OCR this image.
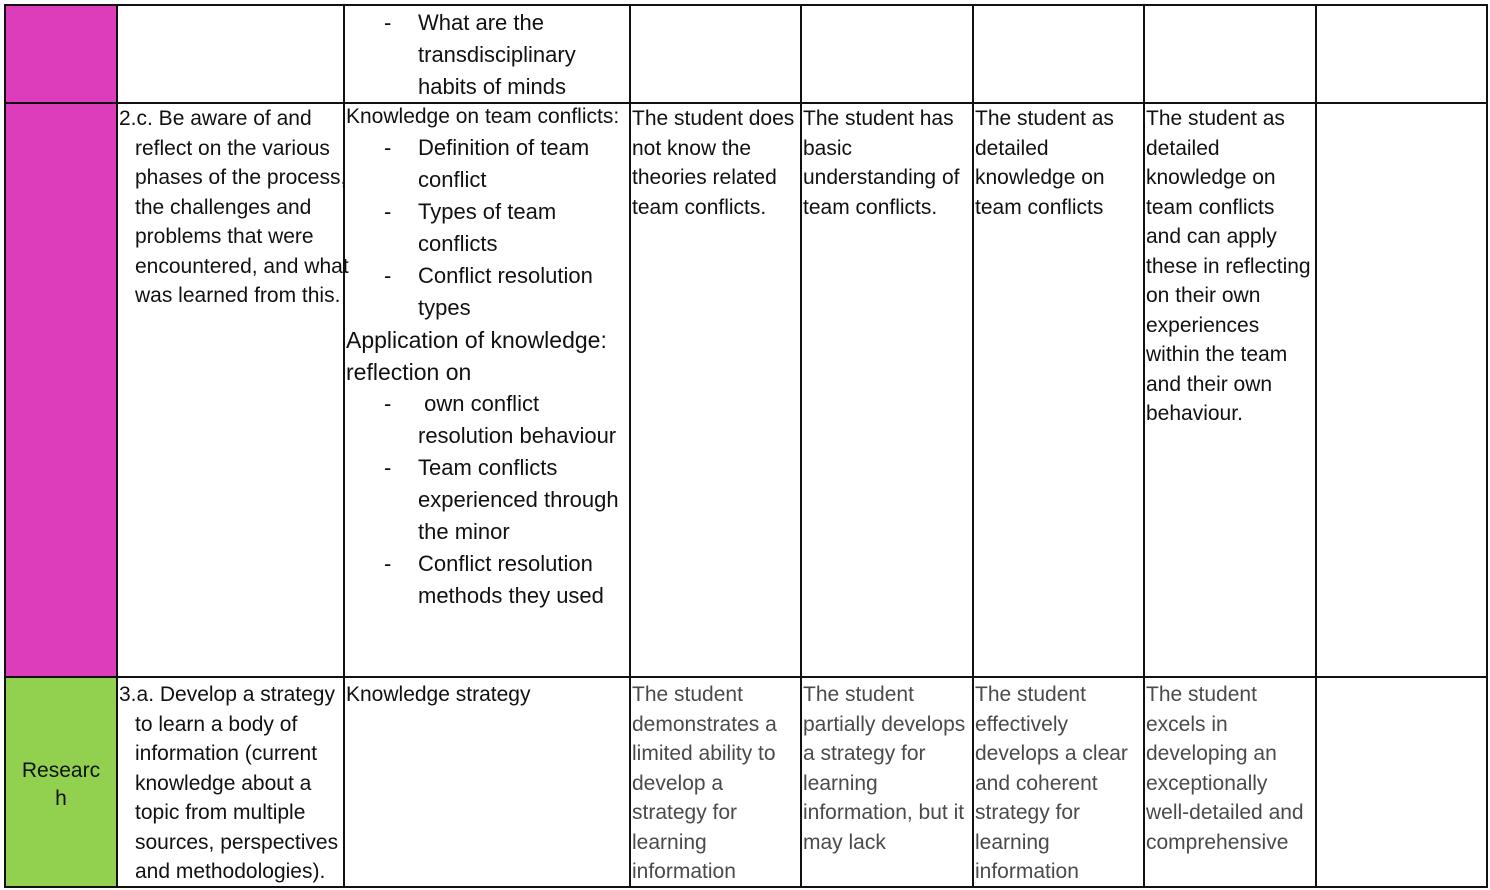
- What are the transdisciplinary habits of minds
2.c. Be aware of and reflect on the various phases of the process, the challenges and problems that were encountered, and what was learned from this.
Knowledge on team conflicts:
- Definition of team conflict
- Types of team conflicts
- Conflict resolution types
Application of knowledge: reflection on
- own conflict resolution behaviour
- Team conflicts experienced through the minor
- Conflict resolution methods they used
The student does not know the theories related team conflicts.
The student has basic understanding of team conflicts.
The student as detailed knowledge on team conflicts
The student as detailed knowledge on team conflicts and can apply these in reflecting on their own experiences within the team and their own behaviour.
Researc h
3.a. Develop a strategy to learn a body of information (current knowledge about a topic from multiple sources, perspectives and methodologies).
Knowledge strategy	The student demonstrates a limited ability to develop a strategy for learning information
The student partially develops a strategy for learning information, but it may lack
The student effectively develops a clear and coherent strategy for learning information
The student excels in developing an exceptionally well-detailed and comprehensive
